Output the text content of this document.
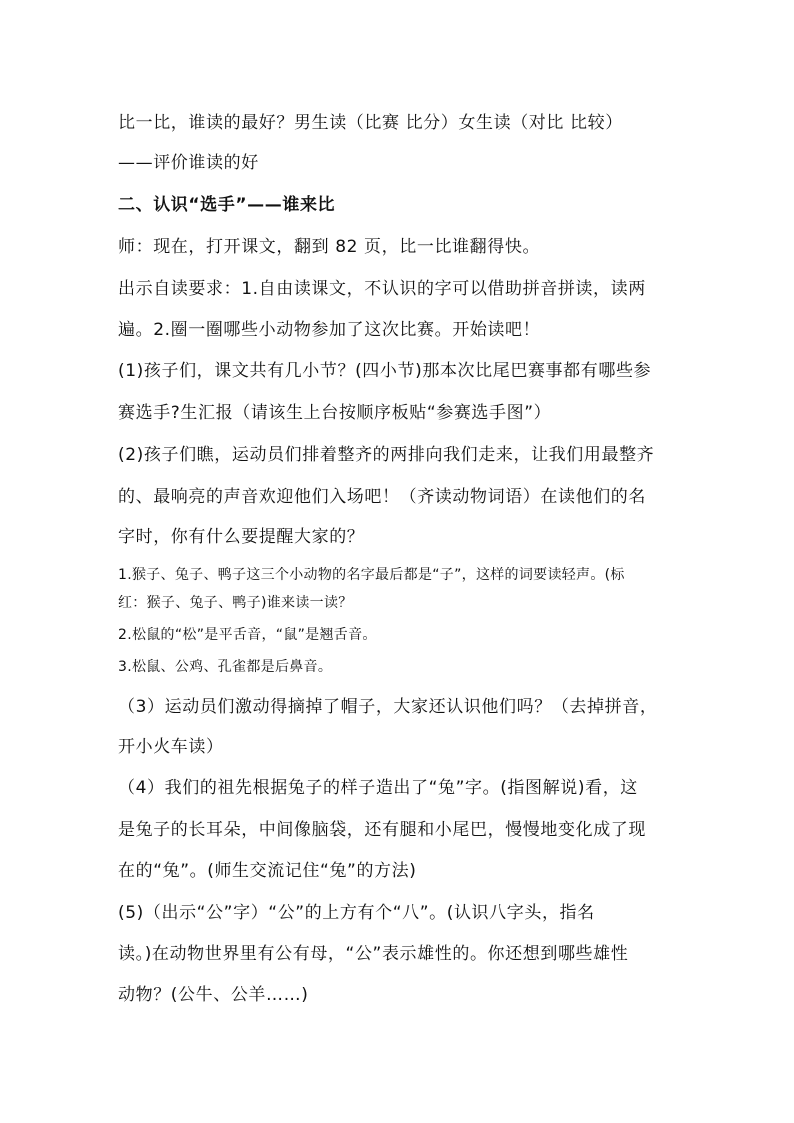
比一比，谁读的最好？男生读（比赛 比分）女生读（对比 比较）
——评价谁读的好
二、认识“选手”——谁来比
师：现在，打开课文，翻到 82 页，比一比谁翻得快。
出示自读要求：1.自由读课文，不认识的字可以借助拼音拼读，读两
遍。2.圈一圈哪些小动物参加了这次比赛。开始读吧！
(1)孩子们，课文共有几小节？(四小节)那本次比尾巴赛事都有哪些参
赛选手?生汇报（请该生上台按顺序板贴“参赛选手图”）
(2)孩子们瞧，运动员们排着整齐的两排向我们走来，让我们用最整齐
的、最响亮的声音欢迎他们入场吧！（齐读动物词语）在读他们的名
字时，你有什么要提醒大家的？
1.猴子、兔子、鸭子这三个小动物的名字最后都是“子”，这样的词要读轻声。(标
红：猴子、兔子、鸭子)谁来读一读？
2.松鼠的“松”是平舌音，“鼠”是翘舌音。
3.松鼠、公鸡、孔雀都是后鼻音。
（3）运动员们激动得摘掉了帽子，大家还认识他们吗？（去掉拼音，
开小火车读）
（4）我们的祖先根据兔子的样子造出了“兔”字。(指图解说)看，这
是兔子的长耳朵，中间像脑袋，还有腿和小尾巴，慢慢地变化成了现
在的“兔”。(师生交流记住“兔”的方法)
(5)（出示“公”字）“公”的上方有个“八”。(认识八字头，指名
读。)在动物世界里有公有母，“公”表示雄性的。你还想到哪些雄性
动物？(公牛、公羊……)
